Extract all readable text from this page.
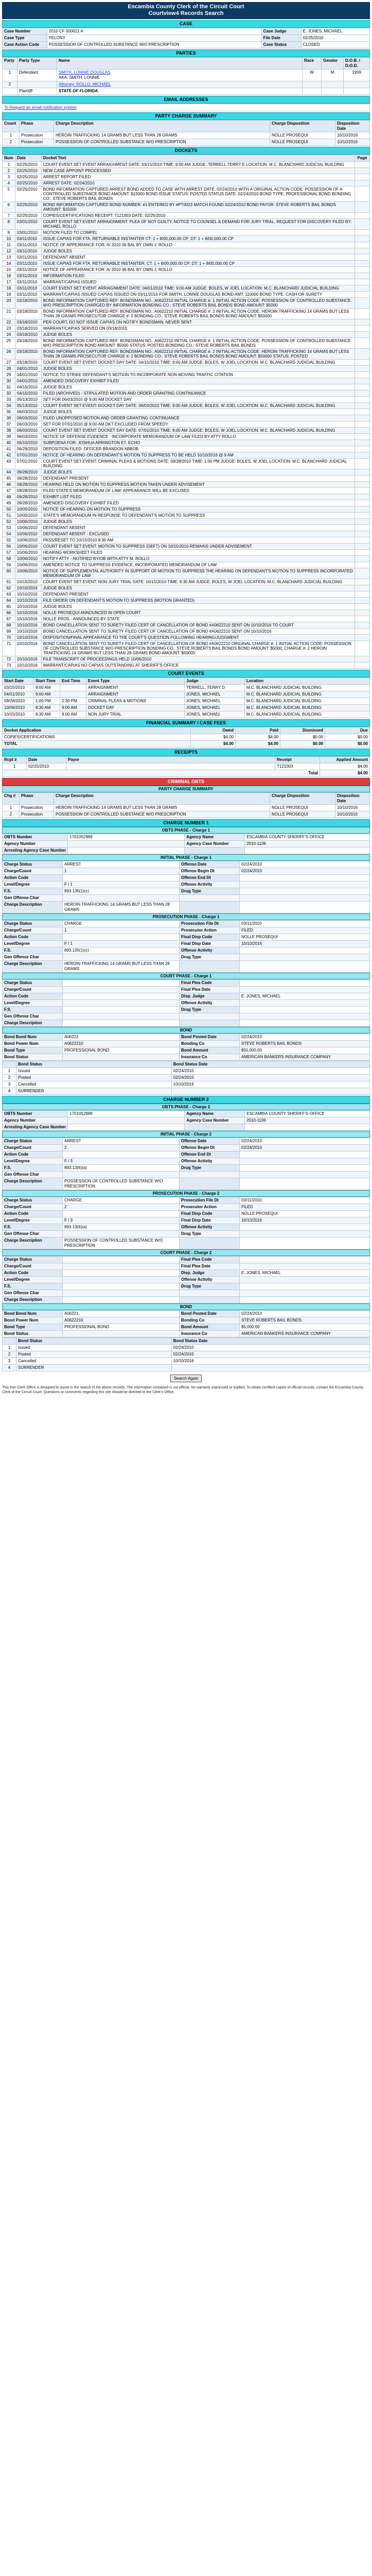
Escambia County Clerk of the Circuit Court
Courtview4 Records Search
CASE
Case Number	2010 CF 000621 A	Case Judge	E. JONES, MICHAEL
Case Type	FELONY	File Date	02/25/2010
Case Action Code	POSSESSION OF CONTROLLED SUBSTANCE W/O PRESCRIPTION	Case Status	CLOSED
PARTIES
Party	Party Type	Name	Race	Gender	D.O.B. / D.O.D.
1	Defendant	SMITH, LONNIE DOUGLAS
AKA: SMITH, LONNIE	W	M	1959
2		Attorney: ROLLO, MICHAEL			
	Plaintiff	STATE OF FLORIDA			

EMAIL ADDRESSES
To Request an email notification system
PARTY CHARGE SUMMARY
Count	Phase	Charge Description	Charge Disposition	Disposition Date
1	Prosecution	HEROIN TRAFFICKING 14 GRAMS BUT LESS THAN 28 GRAMS	NOLLE PROSEQUI	10/10/2016
2	Prosecution	POSSESSION OF CONTROLLED SUBSTANCE W/O PRESCRIPTION	NOLLE PROSEQUI	10/10/2016
DOCKETS
Num	Date	Docket Text	Page
1	02/25/2010	COURT EVENT SET EVENT ARRAIGNMENT DATE: 03/15/2010 TIME: 9:00 AM JUDGE: TERRELL TERRY E LOCATION: M.C. BLANCHARD JUDICIAL BUILDING	
2	02/25/2010	NEW CASE APPOINT PROCESSED	
3	02/25/2010	ARREST REPORT FILED	
4	02/25/2010	ARREST DATE: 02/24/2010	
5	02/25/2010	BOND INFORMATION CAPTURED ARREST BOND ADDED TO CASE WITH ARREST DATE: 02/24/2010 WITH A ORIGINAL ACTION CODE: POSSESSION OF A CONTROLLED SUBSTANCE BOND AMOUNT: $15000 BOND ISSUE STATUS: POSTED STATUS DATE: 02/24/2010 BOND TYPE: PROFESSIONAL BOND BONDING CO.: STEVE ROBERTS BAIL BONDS	
6	02/25/2010	BOND INFORMATION CAPTURED BOND NUMBER: #1 ENTERED BY #PT0023 MATCH FOUND 02/24/2010 BOND PAYOR: STEVE ROBERTS BAIL BONDS AMOUNT: $15000	
7	02/25/2010	COPIES/CERTIFICATIONS RECEIPT: T121003 DATE: 02/25/2010	
8	03/01/2010	COURT EVENT SET EVENT ARRAIGNMENT: PLEA OF NOT GUILTY, NOTICE TO COUNSEL & DEMAND FOR JURY TRIAL, REQUEST FOR DISCOVERY FILED BY: MICHAEL ROLLO	
9	03/01/2010	MOTION FILED TO COMPEL	
10	03/11/2010	ISSUE CAPIAS FOR FTA, RETURNABLE INSTANTER CT: 1 + 8/00,000.00 CP; DT: 1 + 8/00,000.00 CP	
11	03/11/2010	NOTICE OF APPEARANCE FOR: A/ 2010 06 BAL BY OWN J; ROLLO	
12	03/11/2010	JUDGE BOLES	
13	03/11/2010	DEFENDANT ABSENT	
14	03/11/2010	ISSUE CAPIAS FOR FTA, RETURNABLE INSTANTER; CT: 1 + 8/00,000.00 CP; DT: 1 + 8/00,000.00 CP	
15	03/11/2010	NOTICE OF APPEARANCE FOR: A/ 2010 06 BAL BY OWN J; ROLLO	
16	03/11/2010	INFORMATION FILED	
17	03/11/2010	WARRANT/CAPIAS ISSUED	
18	03/11/2010	COURT EVENT SET EVENT: ARRAIGNMENT DATE: 04/01/2010 TIME: 9:00 AM JUDGE: BOLES, W JOEL LOCATION: M.C. BLANCHARD JUDICIAL BUILDING	
19	03/11/2010	WARRANT/CAPIAS ISSUED CAPIAS ISSUED ON 03/11/2010 FOR SMITH, LONNIE DOUGLAS BOND AMT: 110000 BOND TYPE: CASH OR SURETY	
20	03/18/2010	BOND INFORMATION CAPTURED REF: BONDSMAN NO.: A0622210 INITIAL CHARGE #: 1 INITIAL ACTION CODE: POSSESSION OF CONTROLLED SUBSTANCE W/O PRESCRIPTION CHARGED BY INFORMATION BONDING CO.: STEVE ROBERTS BAIL BONDS BOND AMOUNT: $5000	
21	03/18/2010	BOND INFORMATION CAPTURED REF: BONDSMAN NO.: A0622210 INITIAL CHARGE #: 2 INITIAL ACTION CODE: HEROIN TRAFFICKING 14 GRAMS BUT LESS THAN 28 GRAMS PROSECUTOR CHARGE #: 2 BONDING CO.: STEVE ROBERTS BAIL BONDS BOND AMOUNT: $50000	
22	03/18/2010	PER COURT, DO NOT ISSUE CAPIAS ON NOTIFY BONDSMAN, NEVER SENT	
23	03/18/2010	WARRANT/CAPIAS SERVED ON 03/18/2010	
24	03/18/2010	JUDGE BOLES	
25	03/18/2010	BOND INFORMATION CAPTURED REF: BONDSMAN NO.: A0622210 INITIAL CHARGE #: 1 INITIAL ACTION CODE: POSSESSION OF CONTROLLED SUBSTANCE W/O PRESCRIPTION BOND AMOUNT: $5000 STATUS: POSTED BONDING CO.: STEVE ROBERTS BAIL BONDS	
26	03/18/2010	BOND INFORMATION CAPTURED REF: BONDSMAN NO.: A0622210 INITIAL CHARGE #: 2 INITIAL ACTION CODE: HEROIN TRAFFICKING 14 GRAMS BUT LESS THAN 28 GRAMS PROSECUTOR CHARGE #: 2 BONDING CO.: STEVE ROBERTS BAIL BONDS BOND AMOUNT: $50000 STATUS: POSTED	
27	03/18/2010	COURT EVENT SET EVENT: DOCKET DAY DATE: 04/15/2010 TIME: 9:00 AM JUDGE: BOLES, W JOEL LOCATION: M.C. BLANCHARD JUDICIAL BUILDING	
28	04/01/2010	JUDGE BOLES	
29	04/01/2010	NOTICE TO STRIKE DEFENDANT'S MOTION TO INCORPORATE NON-MOVING TRAFFIC CITATION	
30	04/01/2010	AMENDED DISCOVERY EXHIBIT FILED	
31	04/15/2010	JUDGE BOLES	
32	04/15/2010	FILED (ARCHIVED) - STIPULATED MOTION AND ORDER GRANTING CONTINUANCE	
33	05/13/2010	SET FOR 06/03/2010 @ 9:00 AM DOCKET DAY	
34	05/13/2010	COURT EVENT SET EVENT: DOCKET DAY DATE: 06/03/2010 TIME: 9:00 AM JUDGE: BOLES, W JOEL LOCATION: M.C. BLANCHARD JUDICIAL BUILDING	
35	06/03/2010	JUDGE BOLES	
36	06/03/2010	FILED UNOPPOSED MOTION AND ORDER GRANTING CONTINUANCE	
37	06/03/2010	SET FOR 07/01/2010 @ 9:00 AM DKT EXCLUDED FROM SPEEDY	
38	06/03/2010	COURT EVENT SET EVENT: DOCKET DAY DATE: 07/01/2010 TIME: 9:00 AM JUDGE: BOLES, W JOEL LOCATION: M.C. BLANCHARD JUDICIAL BUILDING	
39	06/03/2010	NOTICE OF DEFENSE EVIDENCE : INCORPORATE MEMORANDUM OF LAW FILED BY ATTY ROLLO	
40	06/10/2010	SUBPOENA FOR: JOSHUA ARRINGTON ET. ECHO	
41	06/29/2010	DEPOSITION FILED: OFFICER BRANDON ABBOB	
42	07/01/2010	NOTICE OF HEARING ON DEFENDANT'S MOTION TO SUPPRESS TO BE HELD 10/10/2016 @ 9 AM	
43	07/01/2010	COURT EVENT SET EVENT: CRIMINAL PLEAS & MOTIONS DATE: 09/28/2010 TIME: 1:00 PM JUDGE: BOLES, W JOEL LOCATION: M.C. BLANCHARD JUDICIAL BUILDING	
44	09/28/2010	JUDGE BOLES	
45	09/28/2010	DEFENDANT PRESENT	
46	09/28/2010	HEARING HELD ON MOTION TO SUPPRESS MOTION TAKEN UNDER ADVISEMENT	
47	09/28/2010	FILED STATE'S MEMORANDUM OF LAW: APPEARANCE WILL BE EXCUSED	
48	09/28/2010	EXHIBIT LIST FILED	
49	09/28/2010	AMENDED DISCOVERY EXHIBIT FILED	
50	10/05/2010	NOTICE OF HEARING ON MOTION TO SUPPRESS	
51	10/05/2010	STATE'S MEMORANDUM IN RESPONSE TO DEFENDANT'S MOTION TO SUPPRESS	
52	10/06/2010	JUDGE BOLES	
53	10/06/2010	DEFENDANT ABSENT	
54	10/06/2010	DEFENDANT ABSENT - EXCUSED	
55	10/06/2010	PASS/RESET TO 10/15/2010 8:30 AM	
56	10/06/2010	COURT EVENT SET EVENT: MOTION TO SUPPRESS (DEFT) ON 10/15/2010 REMAINS UNDER ADVISEMENT	
57	10/06/2010	HEARING WORKSHEET FILED	
58	10/06/2010	NOTIFY ATTY - NOTIFIED BY/OB WITH ATTY M. ROLLO	
59	10/06/2010	AMENDED NOTICE TO SUPPRESS EVIDENCE, INCORPORATED MEMORANDUM OF LAW	
60	10/06/2010	NOTICE OF SUPPLEMENTAL AUTHORITY IN SUPPORT OF MOTION TO SUPPRESS THE HEARING ON DEFENDANT'S MOTION TO SUPPRESS INCORPORATED MEMORANDUM OF LAW	
61	10/15/2010	COURT EVENT SET EVENT: NON JURY TRIAL DATE: 10/15/2010 TIME: 8:30 AM JUDGE: BOLES, W JOEL LOCATION: M.C. BLANCHARD JUDICIAL BUILDING	
62	10/10/2016	JUDGE BOLES	
63	10/10/2016	DEFENDANT PRESENT	
64	10/10/2016	FILE ORDER ON DEFENDANT'S MOTION TO SUPPRESS (MOTION GRANTED)	
65	10/10/2016	JUDGE BOLES	
66	10/10/2016	NOLLE PROSEQUI ANNOUNCED IN OPEN COURT	
67	10/10/2016	NOLLE PROS - ANNOUNCED BY STATE	
68	10/10/2016	BOND CANCELLATION SENT TO SURETY FILED CERT OF CANCELLATION OF BOND #A0622210 SENT ON 10/10/2016 TO COURT	
69	10/10/2016	BOND CANCELLATION SENT TO SURETY FILED CERT OF CANCELLATION OF BOND #A0622210 SENT ON 10/10/2016	
70	10/10/2016	DISPOSITION/FINAL APPEARANCE TO THE COURT'S QUESTION FOLLOWING HEARING/JUDGMENT	
71	10/10/2016	BOND CANCELLATION SENT TO SURETY FILED CERT OF CANCELLATION OF BOND #A0622210 ORIGINAL CHARGE #: 1 INITIAL ACTION CODE: POSSESSION OF CONTROLLED SUBSTANCE W/O PRESCRIPTION BONDING CO.: STEVE ROBERTS BAIL BONDS BOND AMOUNT: $5000; CHARGE #: 2 HEROIN TRAFFICKING 14 GRAMS BUT LESS THAN 28 GRAMS BOND AMOUNT: $50000	
72	10/10/2016	FILE TRANSCRIPT OF PROCEEDINGS HELD 10/06/2010	
73	10/10/2016	WARRANT/CAPIAS NO CAPIAS OUTSTANDING AT SHERIFF'S OFFICE	
COURT EVENTS
Start Date	Start Time	End Time	Event Type	Judge	Location
03/15/2010	9:00 AM		ARRAIGNMENT	TERRELL, TERRY D	M.C. BLANCHARD JUDICIAL BUILDING
04/01/2010	9:00 AM		ARRAIGNMENT	JONES, MICHAEL	M.C. BLANCHARD JUDICIAL BUILDING
09/28/2010	1:00 PM	2:30 PM	CRIMINAL PLEAS & MOTIONS	JONES, MICHAEL	M.C. BLANCHARD JUDICIAL BUILDING
10/06/2010	8:30 AM	9:00 AM	DOCKET DAY	JONES, MICHAEL	M.C. BLANCHARD JUDICIAL BUILDING
10/15/2010	8:30 AM	9:00 AM	NON JURY TRIAL	JONES, MICHAEL	M.C. BLANCHARD JUDICIAL BUILDING
FINANCIAL SUMMARY / CASE FEES
Docket Application	Owed	Paid	Dismissed	Due
COPIES/CERTIFICATIONS	$4.00	$4.00	$0.00	$0.00
TOTAL	$4.00	$4.00	$0.00	$0.00
RECEIPTS
Rcpt #	Date	Payor	Receipt	Applied Amount
1	02/25/2010		T121003	$4.00
Total				$4.00
CRIMINAL OBTS
PARTY CHARGE SUMMARY
Chg #	Phase	Charge Description	Charge Disposition	Disposition Date
1	Prosecution	HEROIN TRAFFICKING 14 GRAMS BUT LESS THAN 28 GRAMS	NOLLE PROSEQUI	10/10/2016
2	Prosecution	POSSESSION OF CONTROLLED SUBSTANCE W/O PRESCRIPTION	NOLLE PROSEQUI	10/10/2016
CHARGE NUMBER 1
OBTS PHASE - Charge 1
OBTS Number	1701052999	Agency Name	ESCAMBIA COUNTY SHERIFF'S OFFICE
Agency Number		Agency Case Number	2010-1106
Arresting Agency Case Number			
INITIAL PHASE - Charge 1
Charge Status	ARREST	Offense Date	02/24/2010
Charge/Count	1	Offense Begin Dt	02/24/2010
Action Code		Offense End Dt	
Level/Degree	F / 1	Offense Activity	
F.S.	893.135(1)(c)	Drug Type	
Gen Offense Char			
Charge Description	HEROIN TRAFFICKING 14 GRAMS BUT LESS THAN 28 GRAMS		
PROSECUTION PHASE - Charge 1
Charge Status	CHARGE	Prosecution File Dt	03/11/2010
Charge/Count	1	Prosecutor Action	FILED
Action Code		Final Disp Code	NOLLE PROSEQUI
Level/Degree	F / 1	Final Disp Date	10/10/2016
F.S.	893.135(1)(c)	Offense Activity	
Gen Offense Char		Drug Type	
Charge Description	HEROIN TRAFFICKING 14 GRAMS BUT LESS THAN 28 GRAMS		
COURT PHASE - Charge 1
Charge Status		Final Plea Code	
Charge/Count		Final Plea Date	
Action Code		Disp. Judge	E. JONES, MICHAEL
Level/Degree		Offense Activity	
F.S.		Drug Type	
Gen Offense Char			
Charge Description			
BOND
Bond Bond Num	A06222	Bond Posted Date	02/24/2010
Bond Power Num	A0622210	Bonding Co	STEVE ROBERTS BAIL BONDS
Bond Type	PROFESSIONAL BOND	Bond Amount	$50,000.00
Bond Status		Insurance Co	AMERICAN BANKERS INSURANCE COMPANY
	Bond Status	Bond Status Date
1	Issued	02/24/2010
2	Posted	02/24/2010
3	Cancelled	10/10/2016
4	SURRENDER	
CHARGE NUMBER 2
OBTS PHASE - Charge 2
OBTS Number	1701052999	Agency Name	ESCAMBIA COUNTY SHERIFF'S OFFICE
Agency Number		Agency Case Number	2010-1106
Arresting Agency Case Number			
INITIAL PHASE - Charge 2
Charge Status	ARREST	Offense Date	02/24/2010
Charge/Count	2	Offense Begin Dt	02/24/2010
Action Code		Offense End Dt	
Level/Degree	F / 3	Offense Activity	
F.S.	893.13(6)(a)	Drug Type	
Gen Offense Char			
Charge Description	POSSESSION OF CONTROLLED SUBSTANCE W/O PRESCRIPTION		
PROSECUTION PHASE - Charge 2
Charge Status	CHARGE	Prosecution File Dt	03/11/2010
Charge/Count	2	Prosecutor Action	FILED
Action Code		Final Disp Code	NOLLE PROSEQUI
Level/Degree	F / 3	Final Disp Date	10/10/2016
F.S.	893.13(6)(a)	Offense Activity	
Gen Offense Char		Drug Type	
Charge Description	POSSESSION OF CONTROLLED SUBSTANCE W/O PRESCRIPTION		
COURT PHASE - Charge 2
Charge Status		Final Plea Code	
Charge/Count		Final Plea Date	
Action Code		Disp. Judge	E. JONES, MICHAEL
Level/Degree		Offense Activity	
F.S.		Drug Type	
Gen Offense Char			
Charge Description			
BOND
Bond Bond Num	A06221	Bond Posted Date	02/24/2010
Bond Power Num	A0622210	Bonding Co	STEVE ROBERTS BAIL BONDS
Bond Type	PROFESSIONAL BOND	Bond Amount	$5,000.00
Bond Status		Insurance Co	AMERICAN BANKERS INSURANCE COMPANY
	Bond Status	Bond Status Date
1	Issued	02/24/2010
2	Posted	02/24/2010
3	Cancelled	10/10/2016
4	SURRENDER	
Search Again
This free Clerk Office is designed to assist in the search of the above records. The information contained is not official. No warranty expressed or implied. To obtain certified copies of official records, contact the Escambia County Clerk of the Circuit Court. Questions or comments regarding this site should be directed to the Clerk's Office.
